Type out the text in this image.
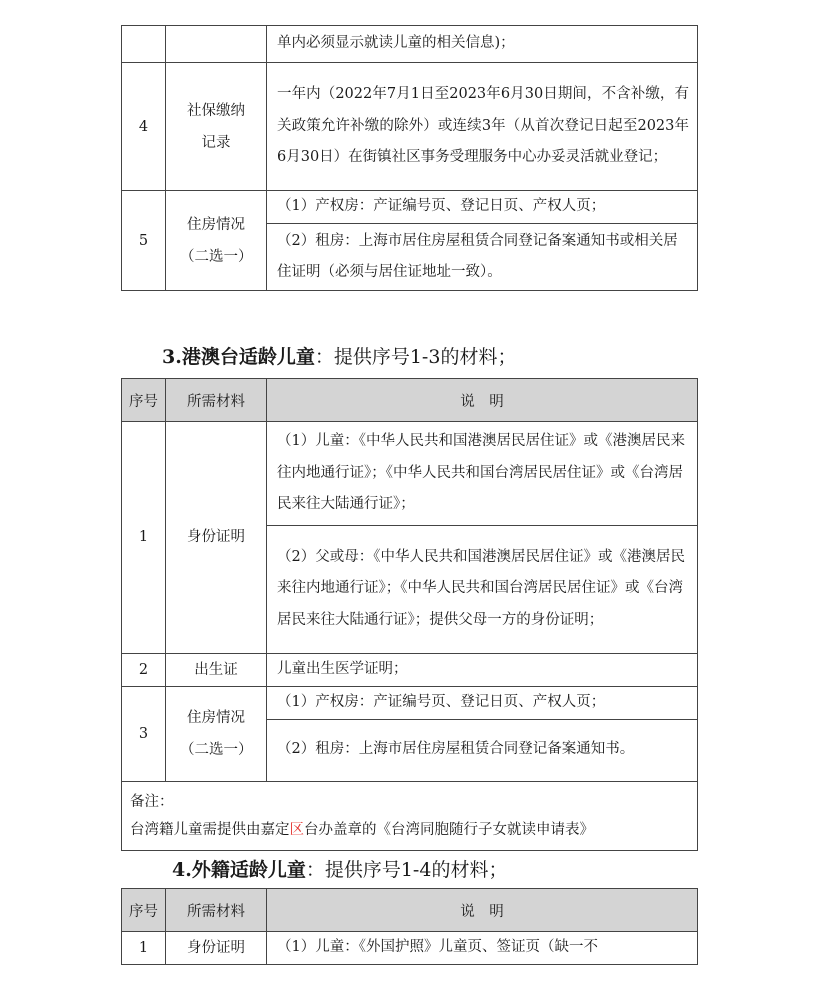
		单内必须显示就读儿童的相关信息)；
4	社保缴纳记录	一年内（2022年7月1日至2023年6月30日期间，不含补缴，有关政策允许补缴的除外）或连续3年（从首次登记日起至2023年6月30日）在街镇社区事务受理服务中心办妥灵活就业登记；
5	住房情况（二选一）	（1）产权房：产证编号页、登记日页、产权人页；
		（2）租房：上海市居住房屋租赁合同登记备案通知书或相关居住证明（必须与居住证地址一致）。
3.港澳台适龄儿童：提供序号1-3的材料；
序号	所需材料	说　明
1	身份证明	（1）儿童：《中华人民共和国港澳居民居住证》或《港澳居民来往内地通行证》；《中华人民共和国台湾居民居住证》或《台湾居民来往大陆通行证》；
		（2）父或母：《中华人民共和国港澳居民居住证》或《港澳居民来往内地通行证》；《中华人民共和国台湾居民居住证》或《台湾居民来往大陆通行证》；提供父母一方的身份证明；
2	出生证	儿童出生医学证明；
3	住房情况（二选一）	（1）产权房：产证编号页、登记日页、产权人页；
		（2）租房：上海市居住房屋租赁合同登记备案通知书。

备注：
台湾籍儿童需提供由嘉定区台办盖章的《台湾同胞随行子女就读申请表》		
4.外籍适龄儿童：提供序号1-4的材料；
序号	所需材料	说　明
1	身份证明	（1）儿童：《外国护照》儿童页、签证页（缺一不
